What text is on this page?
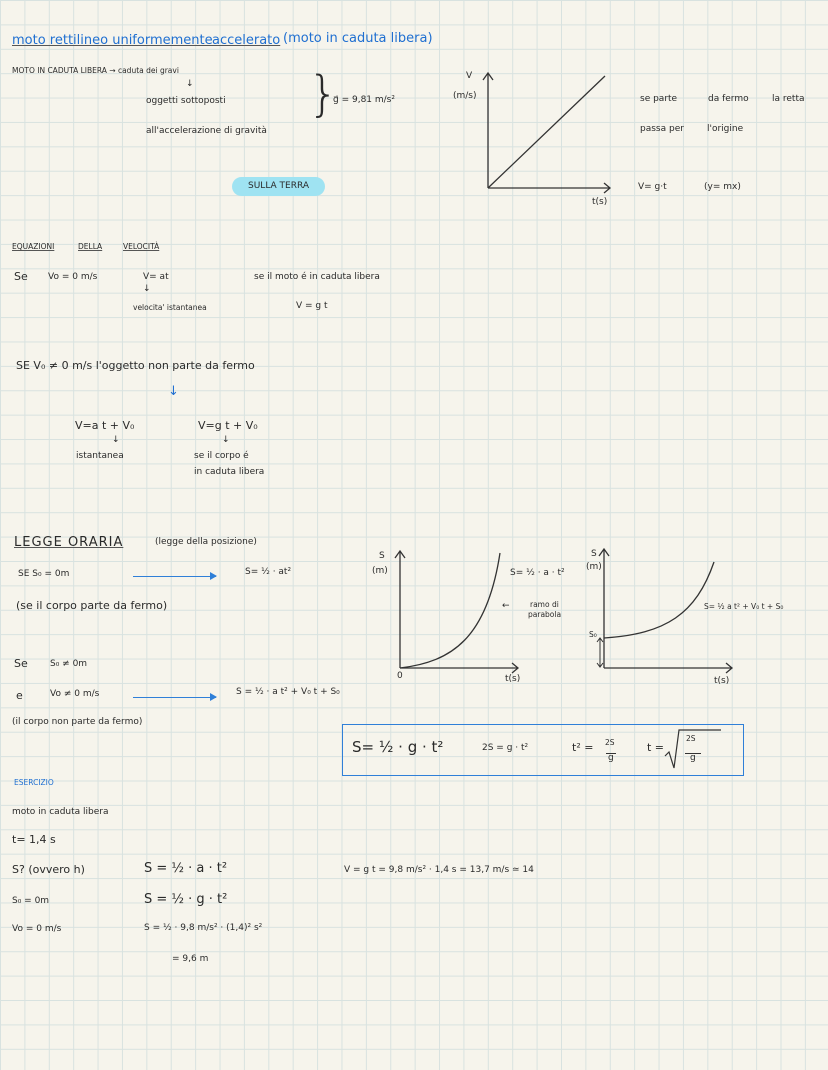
moto rettilineo uniformemente accelerato (moto in caduta libera)
MOTO IN CADUTA LIBERA → caduta dei gravi
↓
oggetti sottoposti
all'accelerazione di gravità
}
g⃗ = 9,81 m/s²
SULLA TERRA
V
(m/s)
t(s)
se parte	da fermo	la retta
passa per	l'origine
V= g·t	(y= mx)
EQUAZIONI	DELLA	VELOCITÀ
Se Vo = 0 m/s	V= at
↓
velocita' istantanea
se il moto é in caduta libera
V = g t
SE V₀ ≠ 0 m/s l'oggetto non parte da fermo
↓
V=a t + V₀
↓
istantanea
V=g t + V₀
↓
se il corpo é
in caduta libera
LEGGE ORARIA	(legge della posizione)
SE S₀ = 0m	S= ½ · at²
(se il corpo parte da fermo)
Se S₀ ≠ 0m
e	Vo ≠ 0 m/s	S = ½ · a t² + V₀ t + S₀
(il corpo non parte da fermo)
S
(m)
0	t(s)
S= ½ · a · t²
←	ramo di
parabola
S
(m)
S₀
t(s)
S= ½ a t² + V₀ t + S₀
S= ½ · g · t²	2S = g · t²	t² = 2S
g
t =
2S
g
ESERCIZIO
moto in caduta libera
t= 1,4 s
S? (ovvero h)
S₀ = 0m
Vo = 0 m/s
S = ½ · a · t²
S = ½ · g · t²
S = ½ · 9,8 m/s² · (1,4)² s²
= 9,6 m
V = g t = 9,8 m/s² · 1,4 s = 13,7 m/s ≃ 14
